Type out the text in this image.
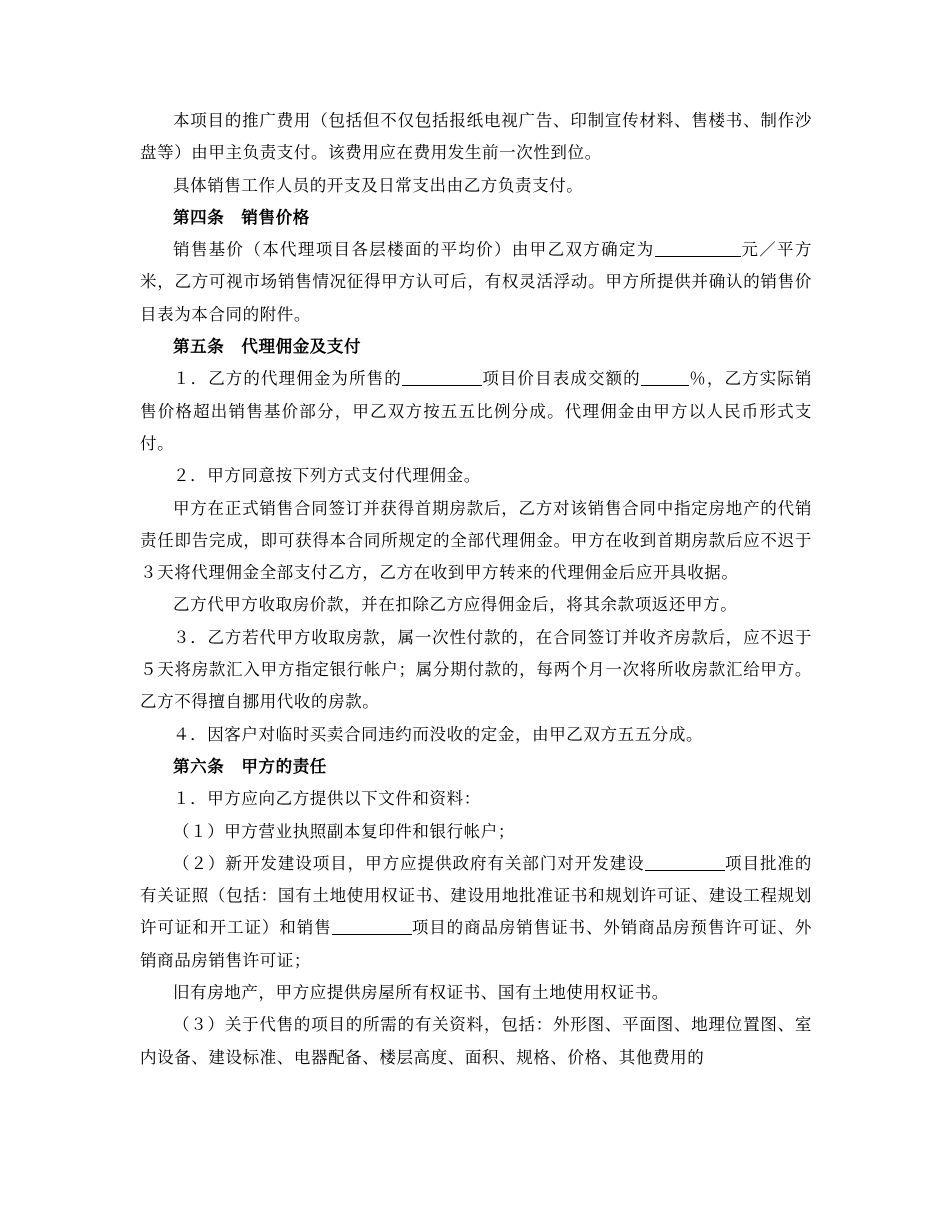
本项目的推广费用（包括但不仅包括报纸电视广告、印制宣传材料、售楼书、制作沙盘等）由甲主负责支付。该费用应在费用发生前一次性到位。

具体销售工作人员的开支及日常支出由乙方负责支付。

第四条　销售价格

销售基价（本代理项目各层楼面的平均价）由甲乙双方确定为	元／平方米，乙方可视市场销售情况征得甲方认可后，有权灵活浮动。甲方所提供并确认的销售价目表为本合同的附件。

第五条　代理佣金及支付

１．乙方的代理佣金为所售的	项目价目表成交额的	％，乙方实际销售价格超出销售基价部分，甲乙双方按五五比例分成。代理佣金由甲方以人民币形式支付。

２．甲方同意按下列方式支付代理佣金。

甲方在正式销售合同签订并获得首期房款后，乙方对该销售合同中指定房地产的代销责任即告完成，即可获得本合同所规定的全部代理佣金。甲方在收到首期房款后应不迟于３天将代理佣金全部支付乙方，乙方在收到甲方转来的代理佣金后应开具收据。

乙方代甲方收取房价款，并在扣除乙方应得佣金后，将其余款项返还甲方。

３．乙方若代甲方收取房款，属一次性付款的，在合同签订并收齐房款后，应不迟于５天将房款汇入甲方指定银行帐户；属分期付款的，每两个月一次将所收房款汇给甲方。乙方不得擅自挪用代收的房款。

４．因客户对临时买卖合同违约而没收的定金，由甲乙双方五五分成。

第六条　甲方的责任

１．甲方应向乙方提供以下文件和资料：

（１）甲方营业执照副本复印件和银行帐户；

（２）新开发建设项目，甲方应提供政府有关部门对开发建设	项目批准的有关证照（包括：国有土地使用权证书、建设用地批准证书和规划许可证、建设工程规划许可证和开工证）和销售	项目的商品房销售证书、外销商品房预售许可证、外销商品房销售许可证；

旧有房地产，甲方应提供房屋所有权证书、国有土地使用权证书。

（３）关于代售的项目的所需的有关资料，包括：外形图、平面图、地理位置图、室内设备、建设标准、电器配备、楼层高度、面积、规格、价格、其他费用的
